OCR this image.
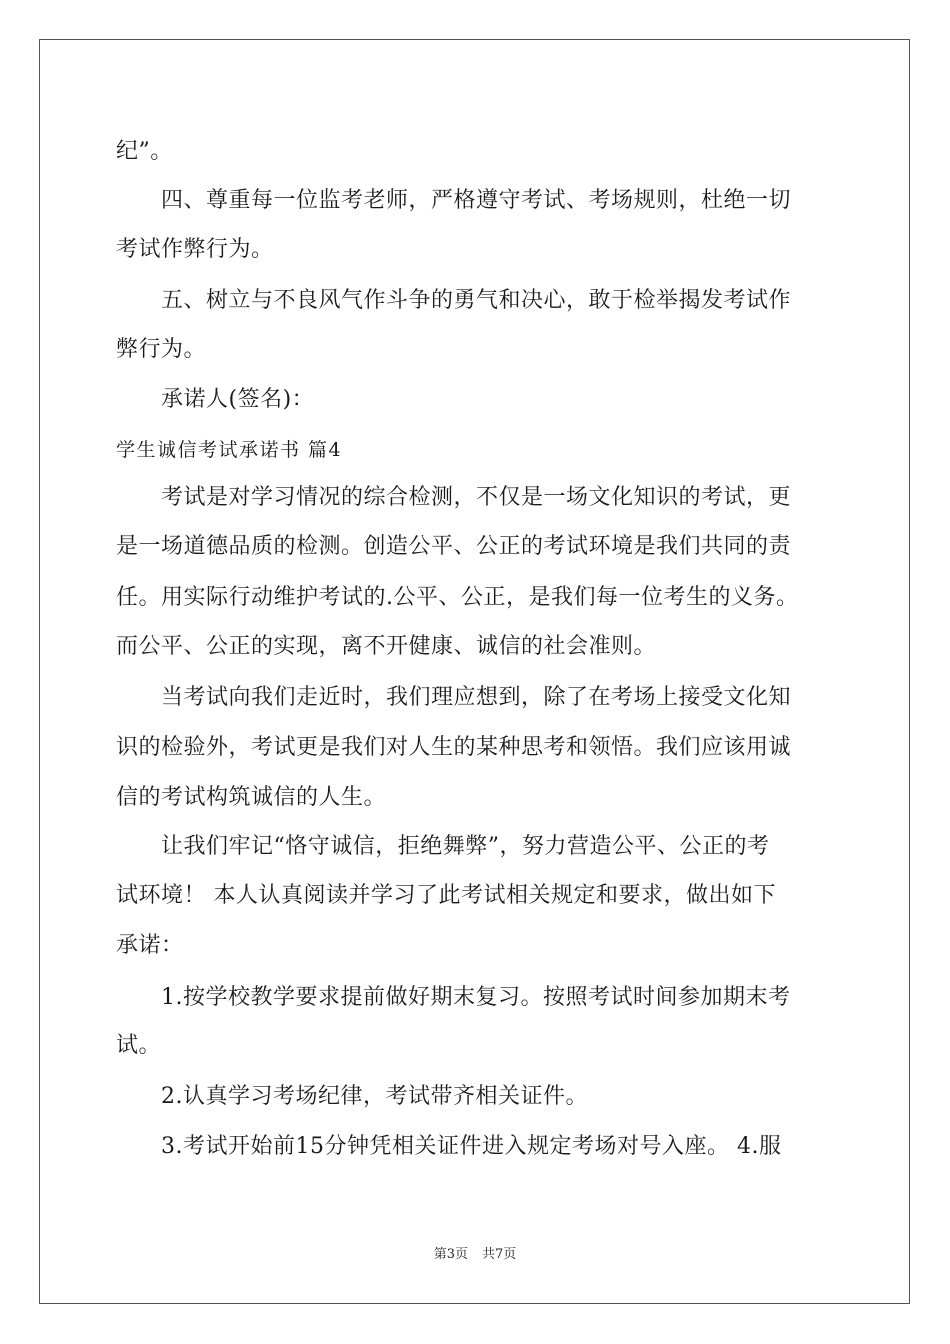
纪”。
四、尊重每一位监考老师，严格遵守考试、考场规则，杜绝一切
考试作弊行为。
五、树立与不良风气作斗争的勇气和决心，敢于检举揭发考试作
弊行为。
承诺人(签名)：
学生诚信考试承诺书 篇4
考试是对学习情况的综合检测，不仅是一场文化知识的考试，更
是一场道德品质的检测。创造公平、公正的考试环境是我们共同的责
任。用实际行动维护考试的.公平、公正，是我们每一位考生的义务。
而公平、公正的实现，离不开健康、诚信的社会准则。
当考试向我们走近时，我们理应想到，除了在考场上接受文化知
识的检验外，考试更是我们对人生的某种思考和领悟。我们应该用诚
信的考试构筑诚信的人生。
让我们牢记“恪守诚信，拒绝舞弊”，努力营造公平、公正的考
试环境！ 本人认真阅读并学习了此考试相关规定和要求，做出如下
承诺：
1.按学校教学要求提前做好期末复习。按照考试时间参加期末考
试。
2.认真学习考场纪律，考试带齐相关证件。
3.考试开始前15分钟凭相关证件进入规定考场对号入座。 4.服
第3页 共7页
